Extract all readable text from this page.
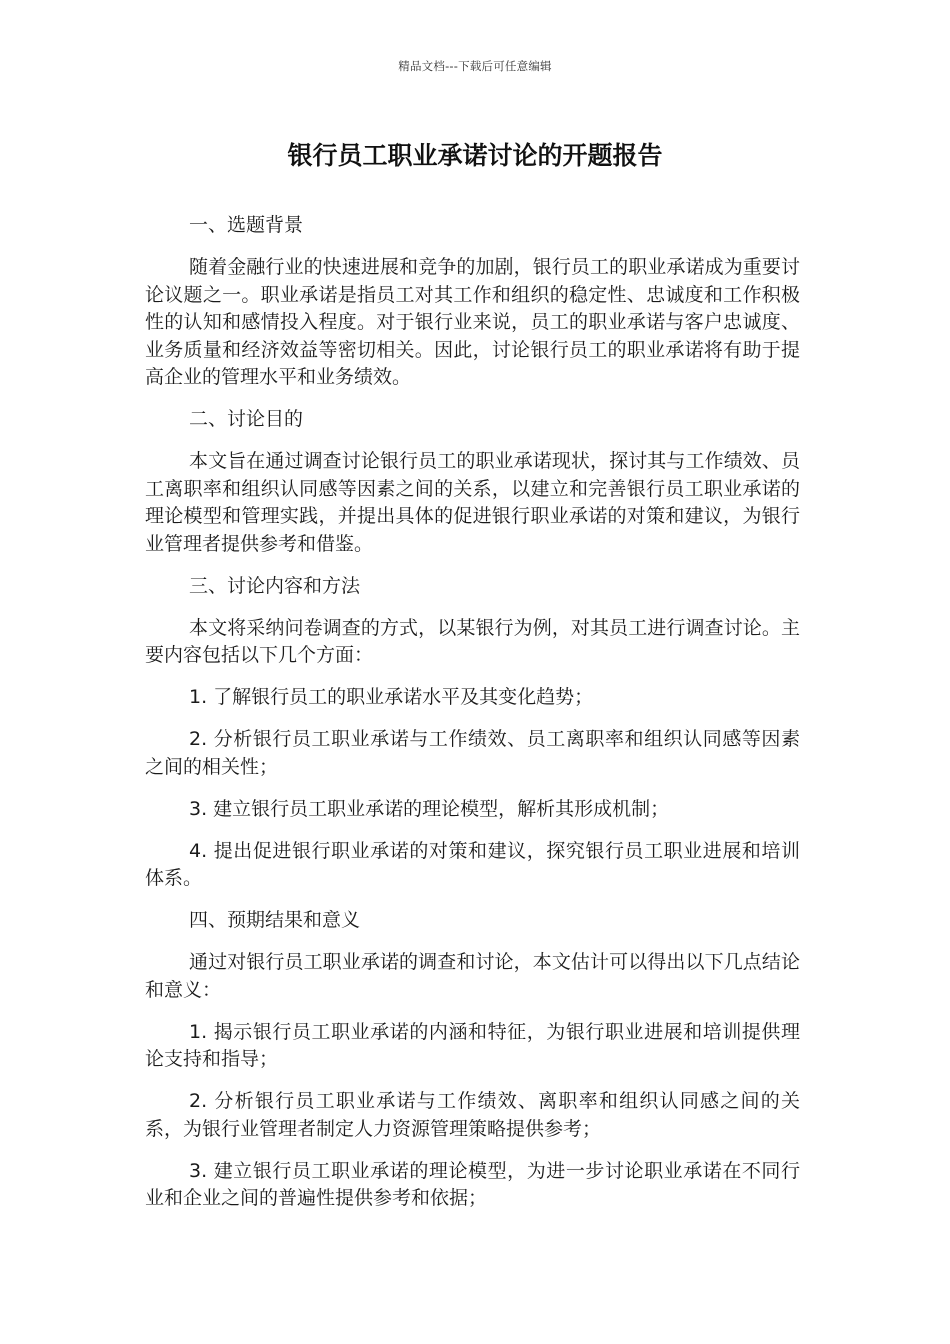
精品文档---下载后可任意编辑
银行员工职业承诺讨论的开题报告

一、选题背景

随着金融行业的快速进展和竞争的加剧，银行员工的职业承诺成为重要讨论议题之一。职业承诺是指员工对其工作和组织的稳定性、忠诚度和工作积极性的认知和感情投入程度。对于银行业来说，员工的职业承诺与客户忠诚度、业务质量和经济效益等密切相关。因此，讨论银行员工的职业承诺将有助于提高企业的管理水平和业务绩效。

二、讨论目的

本文旨在通过调查讨论银行员工的职业承诺现状，探讨其与工作绩效、员工离职率和组织认同感等因素之间的关系，以建立和完善银行员工职业承诺的理论模型和管理实践，并提出具体的促进银行职业承诺的对策和建议，为银行业管理者提供参考和借鉴。

三、讨论内容和方法

本文将采纳问卷调查的方式，以某银行为例，对其员工进行调查讨论。主要内容包括以下几个方面：

1. 了解银行员工的职业承诺水平及其变化趋势；

2. 分析银行员工职业承诺与工作绩效、员工离职率和组织认同感等因素之间的相关性；

3. 建立银行员工职业承诺的理论模型，解析其形成机制；

4. 提出促进银行职业承诺的对策和建议，探究银行员工职业进展和培训体系。

四、预期结果和意义

通过对银行员工职业承诺的调查和讨论，本文估计可以得出以下几点结论和意义：

1. 揭示银行员工职业承诺的内涵和特征，为银行职业进展和培训提供理论支持和指导；

2. 分析银行员工职业承诺与工作绩效、离职率和组织认同感之间的关系，为银行业管理者制定人力资源管理策略提供参考；

3. 建立银行员工职业承诺的理论模型，为进一步讨论职业承诺在不同行业和企业之间的普遍性提供参考和依据；
